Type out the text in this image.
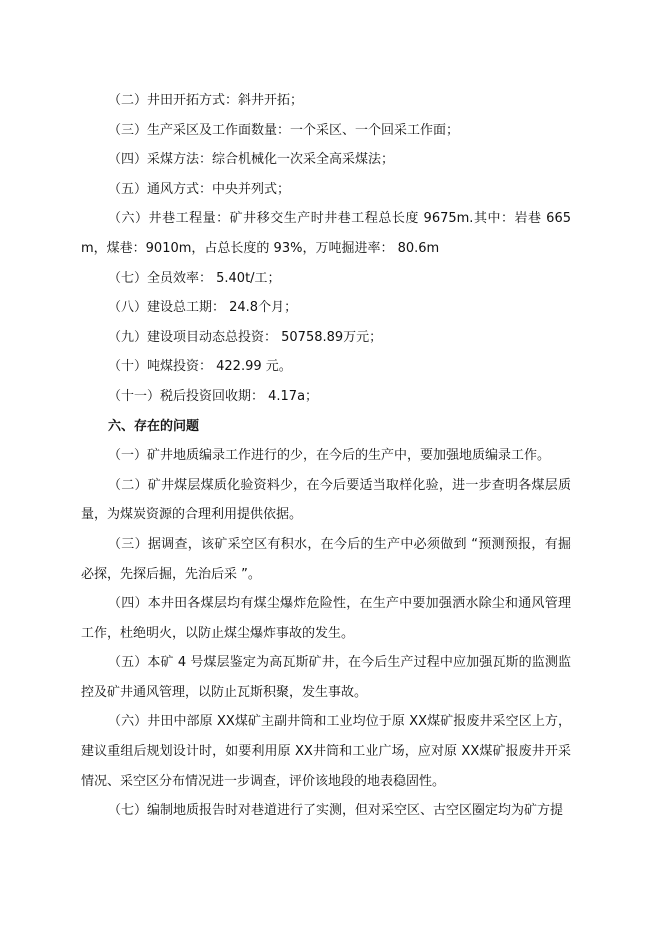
（二）井田开拓方式：斜井开拓；

（三）生产采区及工作面数量：一个采区、一个回采工作面；

（四）采煤方法：综合机械化一次采全高采煤法；

（五）通风方式：中央并列式；

（六）井巷工程量：矿井移交生产时井巷工程总长度 9675m.其中：岩巷 665m，煤巷：9010m，占总长度的 93%，万吨掘进率： 80.6m

（七）全员效率： 5.40t/工；

（八）建设总工期： 24.8个月；

（九）建设项目动态总投资： 50758.89万元；

（十）吨煤投资： 422.99 元。

（十一）税后投资回收期： 4.17a；

六、存在的问题

（一）矿井地质编录工作进行的少，在今后的生产中，要加强地质编录工作。

（二）矿井煤层煤质化验资料少，在今后要适当取样化验，进一步查明各煤层质量，为煤炭资源的合理利用提供依据。

（三）据调查，该矿采空区有积水，在今后的生产中必须做到 “预测预报，有掘必探，先探后掘，先治后采 ”。

（四）本井田各煤层均有煤尘爆炸危险性，在生产中要加强洒水除尘和通风管理工作，杜绝明火，以防止煤尘爆炸事故的发生。

（五）本矿 4 号煤层鉴定为高瓦斯矿井，在今后生产过程中应加强瓦斯的监测监控及矿井通风管理，以防止瓦斯积聚，发生事故。

（六）井田中部原 XX煤矿主副井筒和工业均位于原 XX煤矿报废井采空区上方，建议重组后规划设计时，如要利用原 XX井筒和工业广场，应对原 XX煤矿报废井开采情况、采空区分布情况进一步调查，评价该地段的地表稳固性。

（七）编制地质报告时对巷道进行了实测，但对采空区、古空区圈定均为矿方提
